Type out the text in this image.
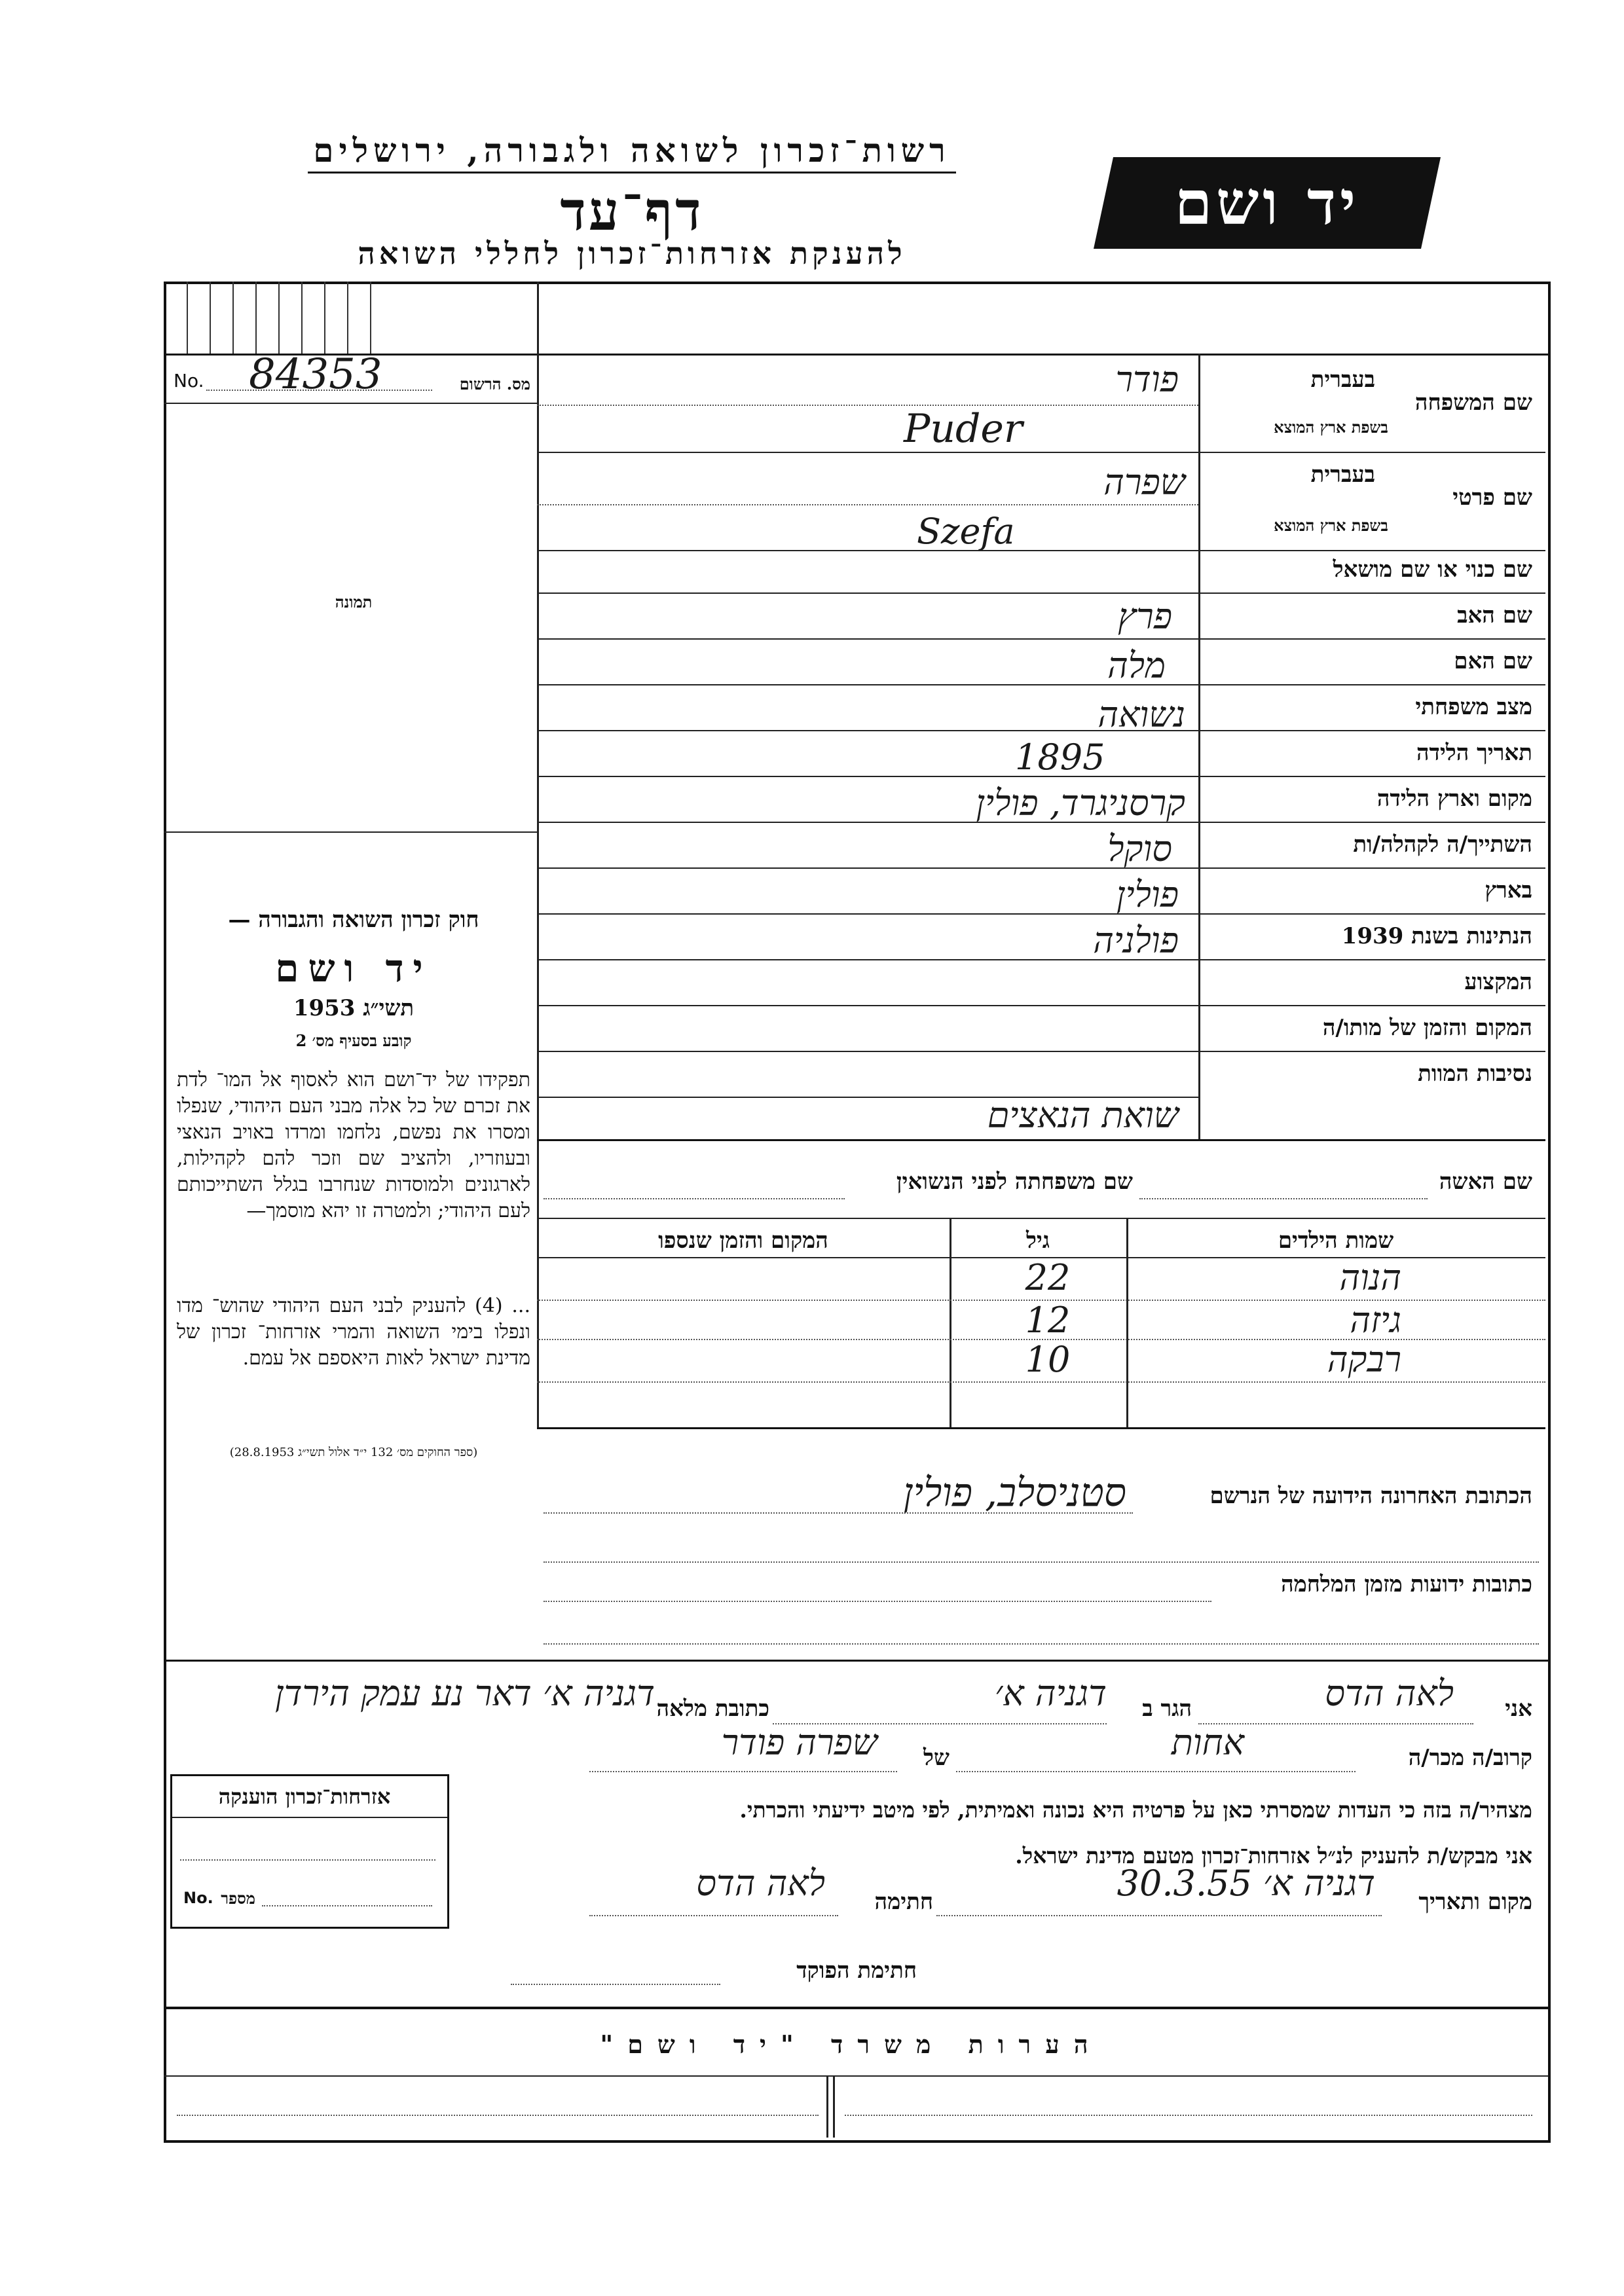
רשות־זכרון לשואה ולגבורה, ירושלים
דף־עד
להענקת אזרחות־זכרון לחללי השואה
יד ושם
No. 84353	מס. הרשום
תמונה
חוק זכרון השואה והגבורה —
יד ושם
תשי״ג 1953
קובע בסעיף מס׳ 2
תפקידו של יד־ושם הוא לאסוף אל המו־ לדת את זכרם של כל אלה מבני העם היהודי, שנפלו ומסרו את נפשם, נלחמו ומרדו באויב הנאצי ובעוזריו, ולהציב שם וזכר להם לקהילות, לארגונים ולמוסדות שנחרבו בגלל השתייכותם לעם היהודי; ולמטרה זו יהא מוסמך—
... (4) להעניק לבני העם היהודי שהוש־ מדו ונפלו בימי השואה והמרי אזרחות־ זכרון של מדינת ישראל לאות היאספם אל עמם.
(ספר החוקים מס׳ 132 י״ד אלול תשי״ג 28.8.1953)
בעברית
שם המשפחה
בשפת ארץ המוצא
פודר
Puder
בעברית
שם פרטי
בשפת ארץ המוצא
שפרה
Szefa
שם כנוי או שם מושאל
שם האב
פרץ
שם האם
מלה
מצב משפחתי
נשואה
תאריך הלידה
1895
מקום וארץ הלידה
קרסניגרד, פולין
השתייך/ה לקהלה/ות
סוקל
בארץ
פולין
הנתינות בשנת 1939
פולניה
המקצוע
המקום והזמן של מותו/ה
נסיבות המוות
שואת הנאצים
שם האשה
שם משפחתה לפני הנשואין
שמות הילדים
גיל
המקום והזמן שנספו
הנוה
22
גיזה
12
רבקה
10
הכתובת האחרונה הידועה של הנרשם
סטניסלב, פולין
כתובות ידועות מזמן המלחמה
אני
לאה הדס
הגר ב
דגניה א׳
כתובת מלאה
דגניה א׳ דאר נע עמק הירדן
קרוב/ה מכר/ה
אחות
של
שפרה פודר
מצהיר/ה בזה כי העדות שמסרתי כאן על פרטיה היא נכונה ואמיתית, לפי מיטב ידיעתי והכרתי.
אני מבקש/ת להעניק לנ״ל אזרחות־זכרון מטעם מדינת ישראל.
מקום ותאריך
דגניה א׳ 30.3.55
חתימה
לאה הדס
חתימת הפוקד
אזרחות־זכרון הוענקה
No. מספר
הערות משרד "יד ושם"
